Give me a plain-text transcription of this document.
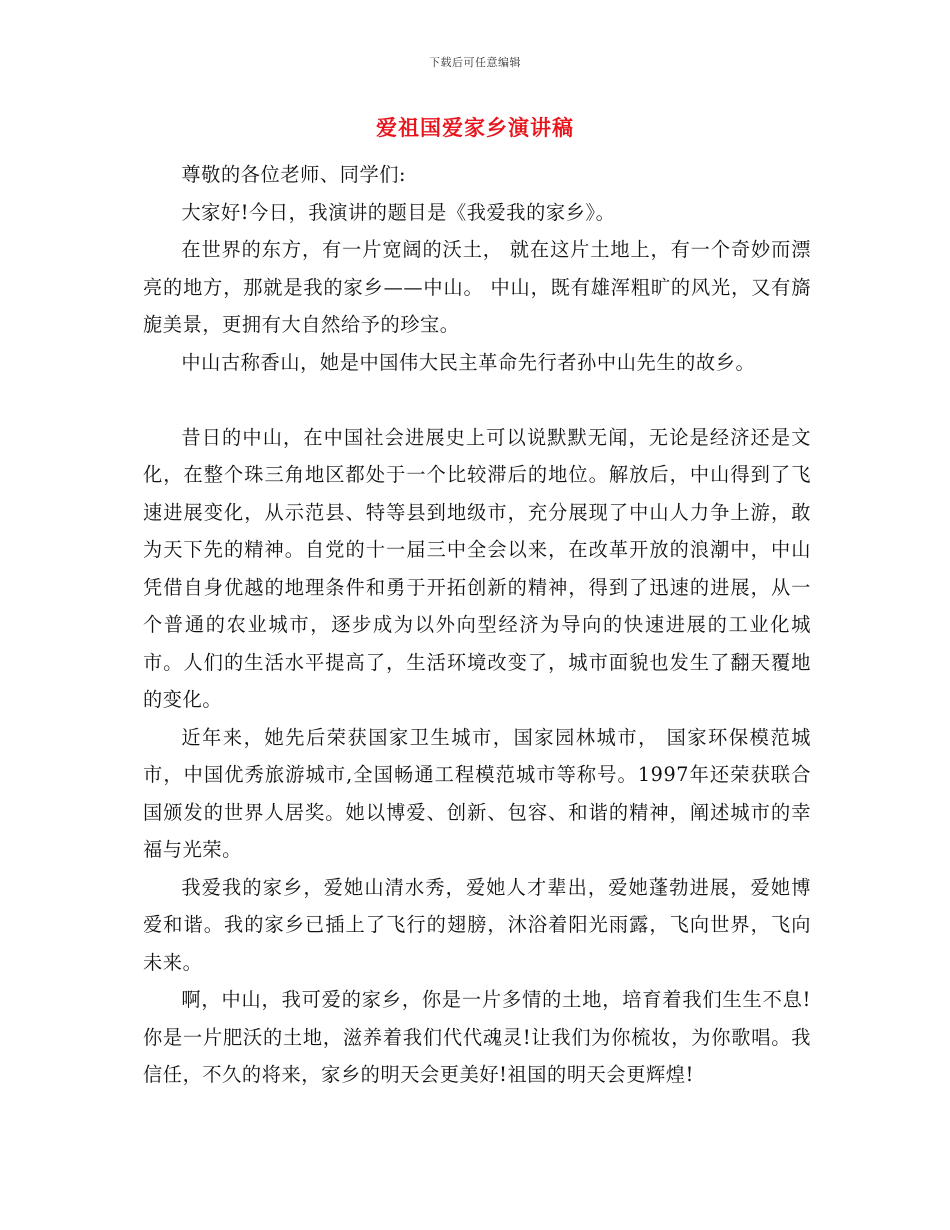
下载后可任意编辑
爱祖国爱家乡演讲稿

尊敬的各位老师、同学们:

大家好!今日，我演讲的题目是《我爱我的家乡》。

在世界的东方，有一片宽阔的沃土， 就在这片土地上，有一个奇妙而漂亮的地方，那就是我的家乡——中山。 中山，既有雄浑粗旷的风光，又有旖旎美景，更拥有大自然给予的珍宝。

中山古称香山，她是中国伟大民主革命先行者孙中山先生的故乡。

昔日的中山，在中国社会进展史上可以说默默无闻，无论是经济还是文化，在整个珠三角地区都处于一个比较滞后的地位。解放后，中山得到了飞速进展变化，从示范县、特等县到地级市，充分展现了中山人力争上游，敢为天下先的精神。自党的十一届三中全会以来，在改革开放的浪潮中，中山凭借自身优越的地理条件和勇于开拓创新的精神，得到了迅速的进展，从一个普通的农业城市，逐步成为以外向型经济为导向的快速进展的工业化城市。人们的生活水平提高了，生活环境改变了，城市面貌也发生了翻天覆地的变化。

近年来，她先后荣获国家卫生城市，国家园林城市， 国家环保模范城市，中国优秀旅游城市,全国畅通工程模范城市等称号。1997年还荣获联合国颁发的世界人居奖。她以博爱、创新、包容、和谐的精神，阐述城市的幸福与光荣。

我爱我的家乡，爱她山清水秀，爱她人才辈出，爱她蓬勃进展，爱她博爱和谐。我的家乡已插上了飞行的翅膀，沐浴着阳光雨露，飞向世界，飞向未来。

啊，中山，我可爱的家乡，你是一片多情的土地，培育着我们生生不息!你是一片肥沃的土地，滋养着我们代代魂灵!让我们为你梳妆，为你歌唱。我信任，不久的将来，家乡的明天会更美好!祖国的明天会更辉煌!
